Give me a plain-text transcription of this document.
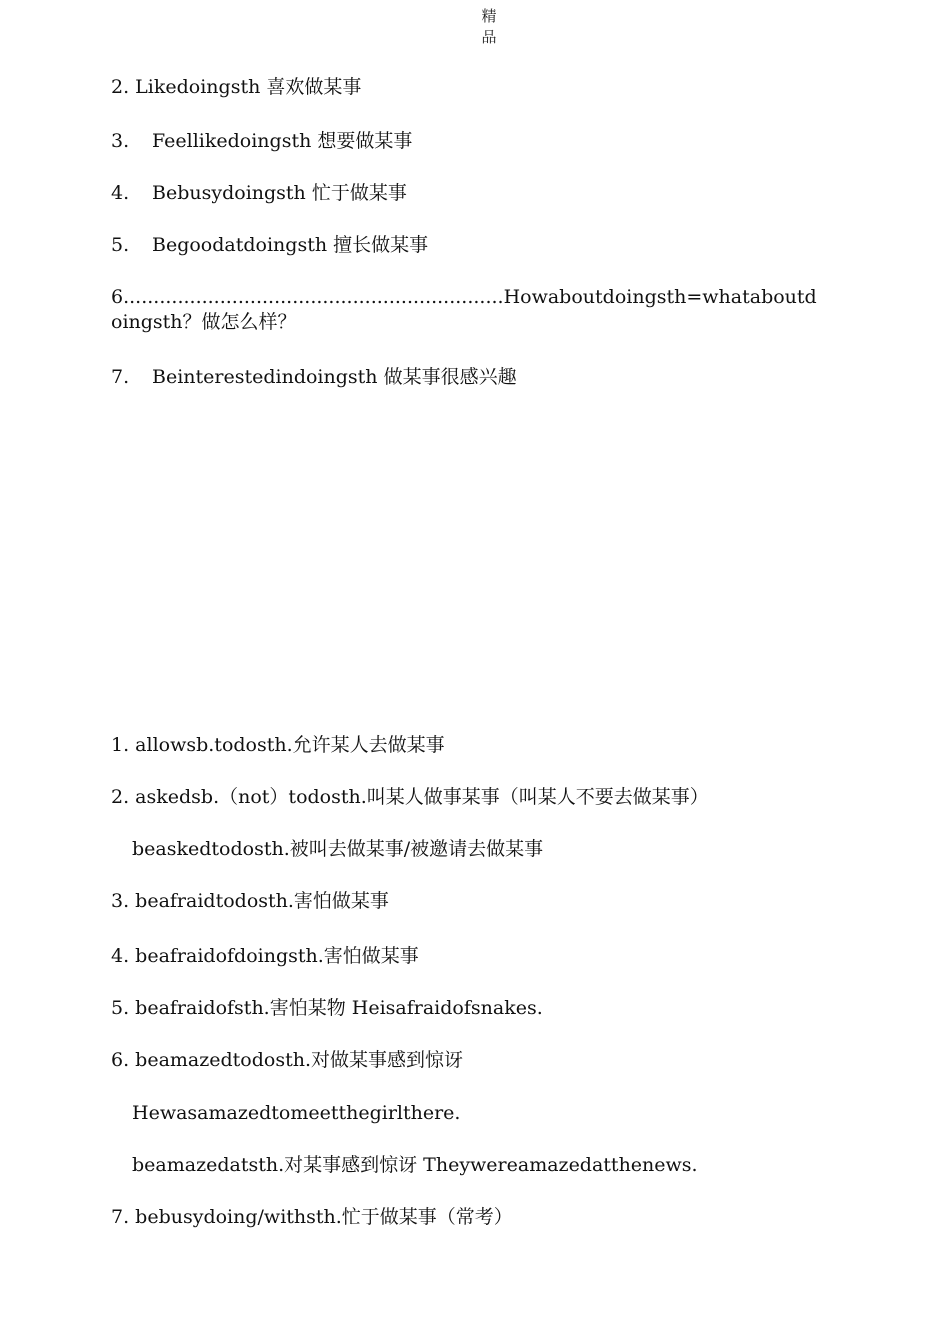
精
品
2. Likedoingsth 喜欢做某事
3. Feellikedoingsth 想要做某事
4. Bebusydoingsth 忙于做某事
5. Begoodatdoingsth 擅长做某事
6...............................................................Howaboutdoingsth=whataboutdoingsth？做怎么样？
7. Beinterestedindoingsth 做某事很感兴趣
1. allowsb.todosth.允许某人去做某事
2. askedsb.（not）todosth.叫某人做事某事（叫某人不要去做某事）
beaskedtodosth.被叫去做某事/被邀请去做某事
3. beafraidtodosth.害怕做某事
4. beafraidofdoingsth.害怕做某事
5. beafraidofsth.害怕某物 Heisafraidofsnakes.
6. beamazedtodosth.对做某事感到惊讶
Hewasamazedtomeetthegirlthere.
beamazedatsth.对某事感到惊讶 Theywereamazedatthenews.
7. bebusydoing/withsth.忙于做某事（常考）
